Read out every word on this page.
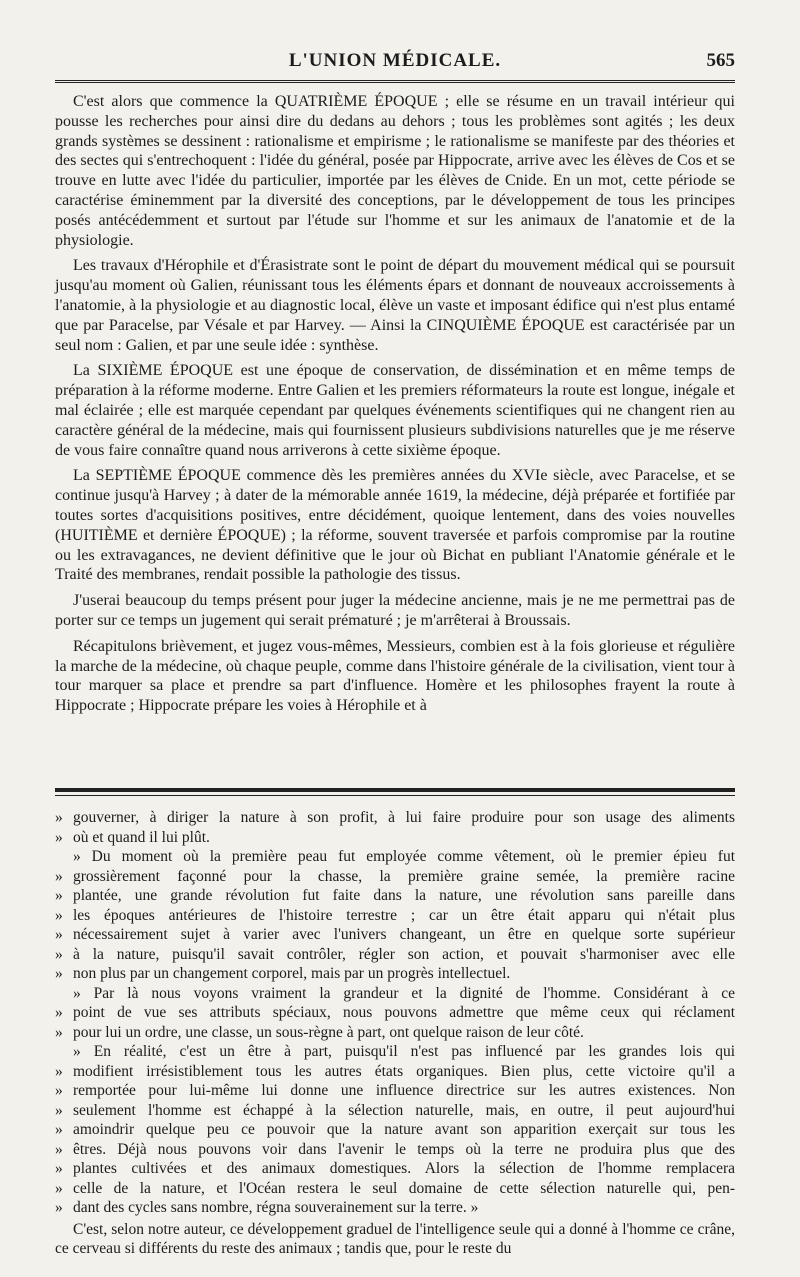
L'UNION MÉDICALE.	565

C'est alors que commence la QUATRIÈME ÉPOQUE ; elle se résume en un travail intérieur qui pousse les recherches pour ainsi dire du dedans au dehors ; tous les problèmes sont agités ; les deux grands systèmes se dessinent : rationalisme et empirisme ; le rationalisme se manifeste par des théories et des sectes qui s'entrechoquent : l'idée du général, posée par Hippocrate, arrive avec les élèves de Cos et se trouve en lutte avec l'idée du particulier, importée par les élèves de Cnide. En un mot, cette période se caractérise éminemment par la diversité des conceptions, par le développement de tous les principes posés antécédemment et surtout par l'étude sur l'homme et sur les animaux de l'anatomie et de la physiologie.

Les travaux d'Hérophile et d'Érasistrate sont le point de départ du mouvement médical qui se poursuit jusqu'au moment où Galien, réunissant tous les éléments épars et donnant de nouveaux accroissements à l'anatomie, à la physiologie et au diagnostic local, élève un vaste et imposant édifice qui n'est plus entamé que par Paracelse, par Vésale et par Harvey. — Ainsi la CINQUIÈME ÉPOQUE est caractérisée par un seul nom : Galien, et par une seule idée : synthèse.

La SIXIÈME ÉPOQUE est une époque de conservation, de dissémination et en même temps de préparation à la réforme moderne. Entre Galien et les premiers réformateurs la route est longue, inégale et mal éclairée ; elle est marquée cependant par quelques événements scientifiques qui ne changent rien au caractère général de la médecine, mais qui fournissent plusieurs subdivisions naturelles que je me réserve de vous faire connaître quand nous arriverons à cette sixième époque.

La SEPTIÈME ÉPOQUE commence dès les premières années du XVIe siècle, avec Paracelse, et se continue jusqu'à Harvey ; à dater de la mémorable année 1619, la médecine, déjà préparée et fortifiée par toutes sortes d'acquisitions positives, entre décidément, quoique lentement, dans des voies nouvelles (HUITIÈME et dernière ÉPOQUE) ; la réforme, souvent traversée et parfois compromise par la routine ou les extravagances, ne devient définitive que le jour où Bichat en publiant l'Anatomie générale et le Traité des membranes, rendait possible la pathologie des tissus.

J'userai beaucoup du temps présent pour juger la médecine ancienne, mais je ne me permettrai pas de porter sur ce temps un jugement qui serait prématuré ; je m'arrêterai à Broussais.

Récapitulons brièvement, et jugez vous-mêmes, Messieurs, combien est à la fois glorieuse et régulière la marche de la médecine, où chaque peuple, comme dans l'histoire générale de la civilisation, vient tour à tour marquer sa place et prendre sa part d'influence. Homère et les philosophes frayent la route à Hippocrate ; Hippocrate prépare les voies à Hérophile et à

» gouverner, à diriger la nature à son profit, à lui faire produire pour son usage des aliments
» où et quand il lui plût.
» Du moment où la première peau fut employée comme vêtement, où le premier épieu fut
» grossièrement façonné pour la chasse, la première graine semée, la première racine
» plantée, une grande révolution fut faite dans la nature, une révolution sans pareille dans
» les époques antérieures de l'histoire terrestre ; car un être était apparu qui n'était plus
» nécessairement sujet à varier avec l'univers changeant, un être en quelque sorte supérieur
» à la nature, puisqu'il savait contrôler, régler son action, et pouvait s'harmoniser avec elle
» non plus par un changement corporel, mais par un progrès intellectuel.
» Par là nous voyons vraiment la grandeur et la dignité de l'homme. Considérant à ce
» point de vue ses attributs spéciaux, nous pouvons admettre que même ceux qui réclament
» pour lui un ordre, une classe, un sous-règne à part, ont quelque raison de leur côté.
» En réalité, c'est un être à part, puisqu'il n'est pas influencé par les grandes lois qui
» modifient irrésistiblement tous les autres états organiques. Bien plus, cette victoire qu'il a
» remportée pour lui-même lui donne une influence directrice sur les autres existences. Non
» seulement l'homme est échappé à la sélection naturelle, mais, en outre, il peut aujourd'hui
» amoindrir quelque peu ce pouvoir que la nature avant son apparition exerçait sur tous les
» êtres. Déjà nous pouvons voir dans l'avenir le temps où la terre ne produira plus que des
» plantes cultivées et des animaux domestiques. Alors la sélection de l'homme remplacera
» celle de la nature, et l'Océan restera le seul domaine de cette sélection naturelle qui, pen-
» dant des cycles sans nombre, régna souverainement sur la terre. »
C'est, selon notre auteur, ce développement graduel de l'intelligence seule qui a donné à l'homme ce crâne, ce cerveau si différents du reste des animaux ; tandis que, pour le reste du
